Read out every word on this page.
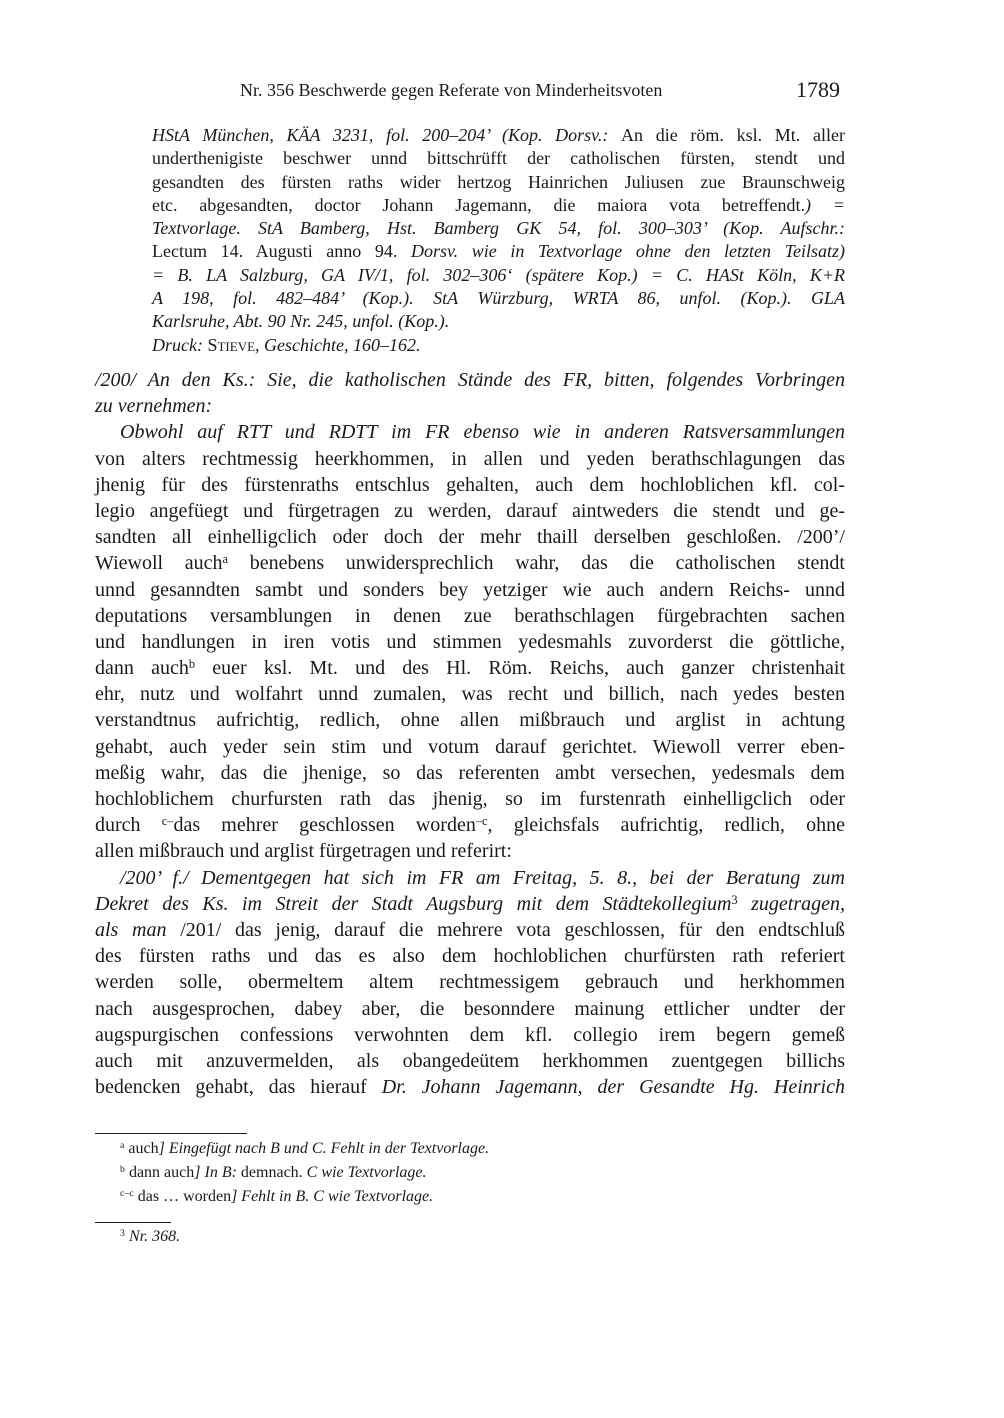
Nr. 356 Beschwerde gegen Referate von Minderheitsvoten	1789
HStA München, KÄA 3231, fol. 200–204’ (Kop. Dorsv.: An die röm. ksl. Mt. aller
underthenigiste beschwer unnd bittschrüfft der catholischen fürsten, stendt und
gesandten des fürsten raths wider hertzog Hainrichen Juliusen zue Braunschweig
etc. abgesandten, doctor Johann Jagemann, die maiora vota betreffendt.) =
Textvorlage. StA Bamberg, Hst. Bamberg GK 54, fol. 300–303’ (Kop. Aufschr.:
Lectum 14. Augusti anno 94. Dorsv. wie in Textvorlage ohne den letzten Teilsatz)
= B. LA Salzburg, GA IV/1, fol. 302–306‘ (spätere Kop.) = C. HASt Köln, K+R
A 198, fol. 482–484’ (Kop.). StA Würzburg, WRTA 86, unfol. (Kop.). GLA
Karlsruhe, Abt. 90 Nr. 245, unfol. (Kop.).
Druck: Stieve, Geschichte, 160–162.
/200/ An den Ks.: Sie, die katholischen Stände des FR, bitten, folgendes Vorbringen
zu vernehmen:
Obwohl auf RTT und RDTT im FR ebenso wie in anderen Ratsversammlungen
von alters rechtmessig heerkhommen, in allen und yeden berathschlagungen das
jhenig für des fürstenraths entschlus gehalten, auch dem hochloblichen kfl. col-
legio angefüegt und fürgetragen zu werden, darauf aintweders die stendt und ge-
sandten all einhelligclich oder doch der mehr thaill derselben geschloßen. /200’/
Wiewoll auch$^a$ benebens unwidersprechlich wahr, das die catholischen stendt
unnd gesanndten sambt und sonders bey yetziger wie auch andern Reichs- unnd
deputations versamblungen in denen zue berathschlagen fürgebrachten sachen
und handlungen in iren votis und stimmen yedesmahls zuvorderst die göttliche,
dann auch$^b$ euer ksl. Mt. und des Hl. Röm. Reichs, auch ganzer christenhait
ehr, nutz und wolfahrt unnd zumalen, was recht und billich, nach yedes besten
verstandtnus aufrichtig, redlich, ohne allen mißbrauch und arglist in achtung
gehabt, auch yeder sein stim und votum darauf gerichtet. Wiewoll verrer eben-
meßig wahr, das die jhenige, so das referenten ambt versechen, yedesmals dem
hochloblichem churfursten rath das jhenig, so im furstenrath einhelligclich oder
durch $^{c-}$das mehrer geschlossen worden$^{-c}$, gleichsfals aufrichtig, redlich, ohne
allen mißbrauch und arglist fürgetragen und referirt:
/200’ f./ Dementgegen hat sich im FR am Freitag, 5. 8., bei der Beratung zum
Dekret des Ks. im Streit der Stadt Augsburg mit dem Städtekollegium$^3$ zugetragen,
als man /201/ das jenig, darauf die mehrere vota geschlossen, für den endtschluß
des fürsten raths und das es also dem hochloblichen churfürsten rath referiert
werden solle, obermeltem altem rechtmessigem gebrauch und herkhommen
nach ausgesprochen, dabey aber, die besonndere mainung ettlicher undter der
augspurgischen confessions verwohnten dem kfl. collegio irem begern gemeß
auch mit anzuvermelden, als obangedeütem herkhommen zuentgegen billichs
bedencken gehabt, das hierauf Dr. Johann Jagemann, der Gesandte Hg. Heinrich
$^a$ auch] Eingefügt nach B und C. Fehlt in der Textvorlage.
$^b$ dann auch] In B: demnach. C wie Textvorlage.
$^{c-c}$ das … worden] Fehlt in B. C wie Textvorlage.
$^3$ Nr. 368.
